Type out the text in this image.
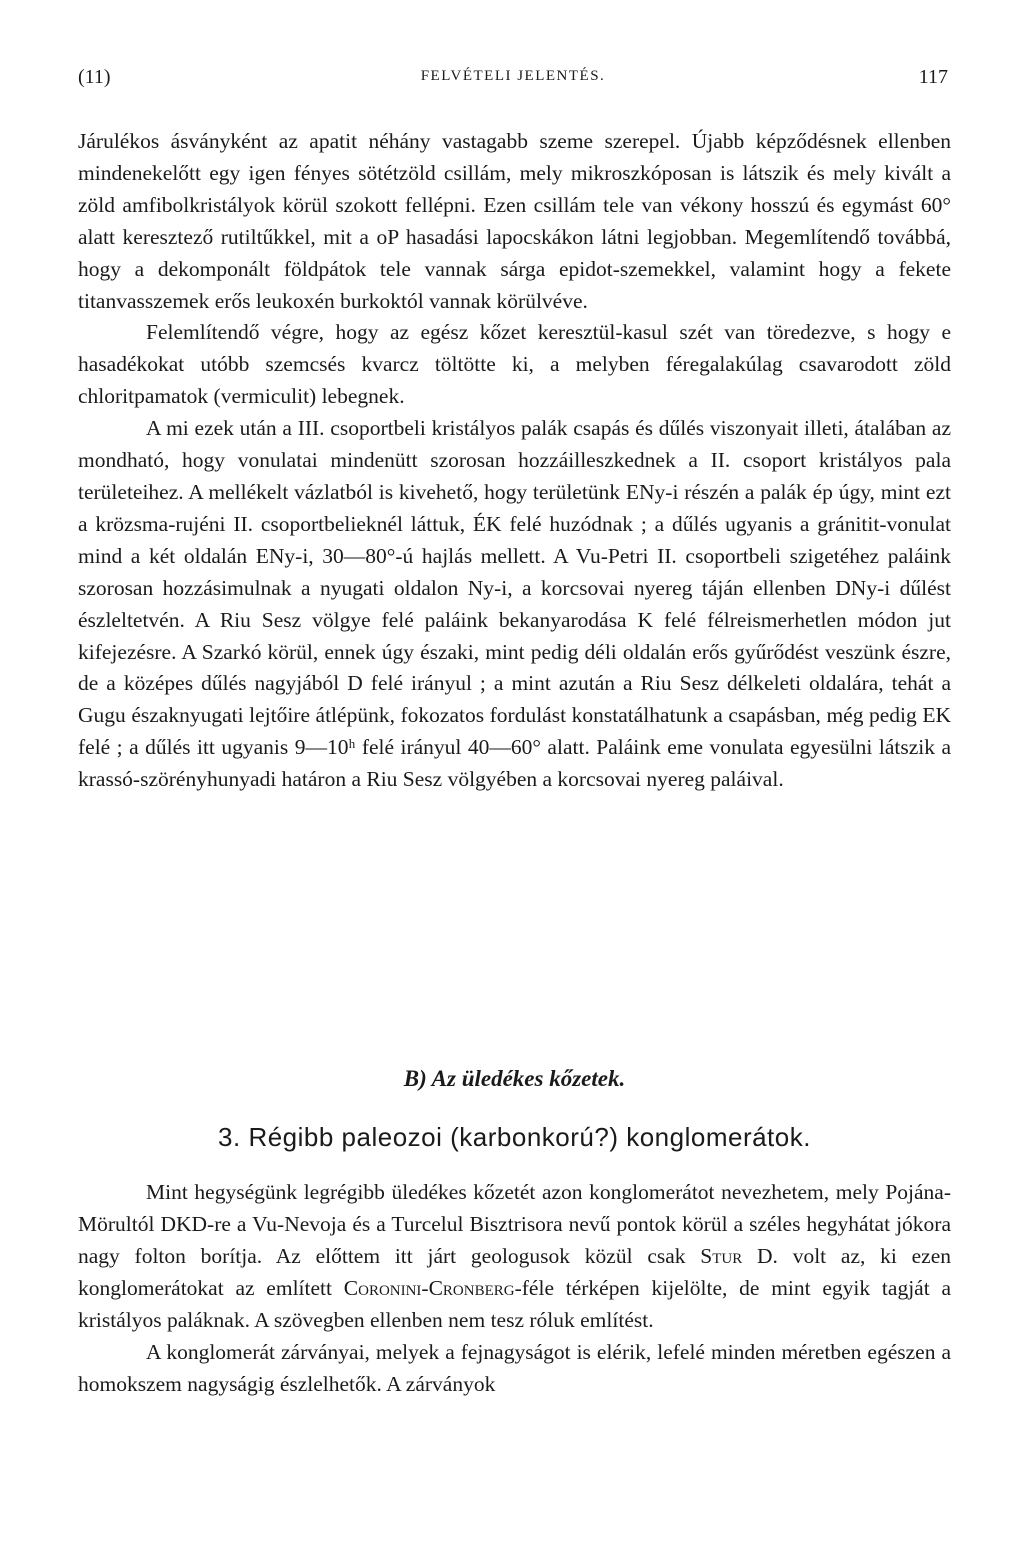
(11)	FELVÉTELI JELENTÉS.	117

Járulékos ásványként az apatit néhány vastagabb szeme szerepel. Újabb képződésnek ellenben mindenekelőtt egy igen fényes sötétzöld csillám, mely mikroszkóposan is látszik és mely kivált a zöld amfibolkristályok körül szokott fellépni. Ezen csillám tele van vékony hosszú és egymást 60° alatt keresztező rutiltűkkel, mit a oP hasadási lapocskákon látni legjobban. Megemlítendő továbbá, hogy a dekomponált földpátok tele vannak sárga epidot-szemekkel, valamint hogy a fekete titanvasszemek erős leukoxén burkoktól vannak körülvéve.

Felemlítendő végre, hogy az egész kőzet keresztül-kasul szét van töredezve, s hogy e hasadékokat utóbb szemcsés kvarcz töltötte ki, a melyben féregalakúlag csavarodott zöld chloritpamatok (vermiculit) lebegnek.

A mi ezek után a III. csoportbeli kristályos palák csapás és dűlés viszonyait illeti, átalában az mondható, hogy vonulatai mindenütt szorosan hozzáilleszkednek a II. csoport kristályos pala területeihez. A mellékelt vázlatból is kivehető, hogy területünk ENy-i részén a palák ép úgy, mint ezt a krözsma-rujéni II. csoportbelieknél láttuk, ÉK felé huzódnak ; a dűlés ugyanis a gránitit-vonulat mind a két oldalán ENy-i, 30—80°-ú hajlás mellett. A Vu-Petri II. csoportbeli szigetéhez paláink szorosan hozzásimulnak a nyugati oldalon Ny-i, a korcsovai nyereg táján ellenben DNy-i dűlést észleltetvén. A Riu Sesz völgye felé paláink bekanyarodása K felé félreismerhetlen módon jut kifejezésre. A Szarkó körül, ennek úgy északi, mint pedig déli oldalán erős gyűrődést veszünk észre, de a középes dűlés nagyjából D felé irányul ; a mint azután a Riu Sesz délkeleti oldalára, tehát a Gugu északnyugati lejtőire átlépünk, fokozatos fordulást konstatálhatunk a csapásban, még pedig EK felé ; a dűlés itt ugyanis 9—10ʰ felé irányul 40—60° alatt. Paláink eme vonulata egyesülni látszik a krassó-szörényhunyadi határon a Riu Sesz völgyében a korcsovai nyereg paláival.

B) Az üledékes kőzetek.
3. Régibb paleozoi (karbonkorú?) konglomerátok.

Mint hegységünk legrégibb üledékes kőzetét azon konglomerátot nevezhetem, mely Pojána-Mörultól DKD-re a Vu-Nevoja és a Turcelul Bisztrisora nevű pontok körül a széles hegyhátat jókora nagy folton borítja. Az előttem itt járt geologusok közül csak Stur D. volt az, ki ezen konglomerátokat az említett Coronini-Cronberg-féle térképen kijelölte, de mint egyik tagját a kristályos paláknak. A szövegben ellenben nem tesz róluk említést.

A konglomerát zárványai, melyek a fejnagyságot is elérik, lefelé minden méretben egészen a homokszem nagyságig észlelhetők. A zárványok
